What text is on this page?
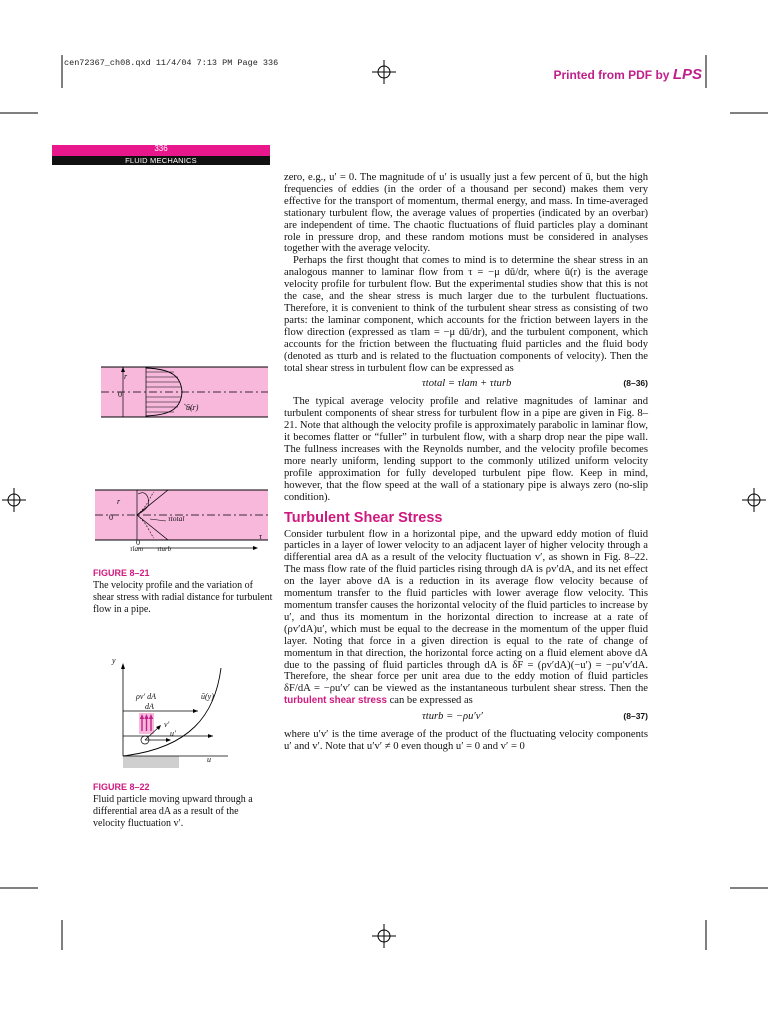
cen72367_ch08.qxd 11/4/04 7:13 PM Page 336
Printed from PDF by LPS
336
FLUID MECHANICS
r
0
ū(r)
r
0	τtotal
0
τlam τturb
τ
FIGURE 8–21
The velocity profile and the variation of shear stress with radial distance for turbulent flow in a pipe.
y
ρv′ dA
dA
ū(y)
v′
u′
u
FIGURE 8–22
Fluid particle moving upward through a differential area dA as a result of the velocity fluctuation v′.

zero, e.g., u′ = 0. The magnitude of u′ is usually just a few percent of ū, but the high frequencies of eddies (in the order of a thousand per second) makes them very effective for the transport of momentum, thermal energy, and mass. In time-averaged stationary turbulent flow, the average values of properties (indicated by an overbar) are independent of time. The chaotic fluctuations of fluid particles play a dominant role in pressure drop, and these random motions must be considered in analyses together with the average velocity.

Perhaps the first thought that comes to mind is to determine the shear stress in an analogous manner to laminar flow from τ = −μ dū/dr, where ū(r) is the average velocity profile for turbulent flow. But the experimental studies show that this is not the case, and the shear stress is much larger due to the turbulent fluctuations. Therefore, it is convenient to think of the turbulent shear stress as consisting of two parts: the laminar component, which accounts for the friction between layers in the flow direction (expressed as τlam = −μ dū/dr), and the turbulent component, which accounts for the friction between the fluctuating fluid particles and the fluid body (denoted as τturb and is related to the fluctuation components of velocity). Then the total shear stress in turbulent flow can be expressed as

τtotal = τlam + τturb	(8–36)

The typical average velocity profile and relative magnitudes of laminar and turbulent components of shear stress for turbulent flow in a pipe are given in Fig. 8–21. Note that although the velocity profile is approximately parabolic in laminar flow, it becomes flatter or “fuller” in turbulent flow, with a sharp drop near the pipe wall. The fullness increases with the Reynolds number, and the velocity profile becomes more nearly uniform, lending support to the commonly utilized uniform velocity profile approximation for fully developed turbulent pipe flow. Keep in mind, however, that the flow speed at the wall of a stationary pipe is always zero (no-slip condition).

Turbulent Shear Stress

Consider turbulent flow in a horizontal pipe, and the upward eddy motion of fluid particles in a layer of lower velocity to an adjacent layer of higher velocity through a differential area dA as a result of the velocity fluctuation v′, as shown in Fig. 8–22. The mass flow rate of the fluid particles rising through dA is ρv′dA, and its net effect on the layer above dA is a reduction in its average flow velocity because of momentum transfer to the fluid particles with lower average flow velocity. This momentum transfer causes the horizontal velocity of the fluid particles to increase by u′, and thus its momentum in the horizontal direction to increase at a rate of (ρv′dA)u′, which must be equal to the decrease in the momentum of the upper fluid layer. Noting that force in a given direction is equal to the rate of change of momentum in that direction, the horizontal force acting on a fluid element above dA due to the passing of fluid particles through dA is δF = (ρv′dA)(−u′) = −ρu′v′dA. Therefore, the shear force per unit area due to the eddy motion of fluid particles δF/dA = −ρu′v′ can be viewed as the instantaneous turbulent shear stress. Then the turbulent shear stress can be expressed as

τturb = −ρu′v′	(8–37)

where u′v′ is the time average of the product of the fluctuating velocity components u′ and v′. Note that u′v′ ≠ 0 even though u′ = 0 and v′ = 0
